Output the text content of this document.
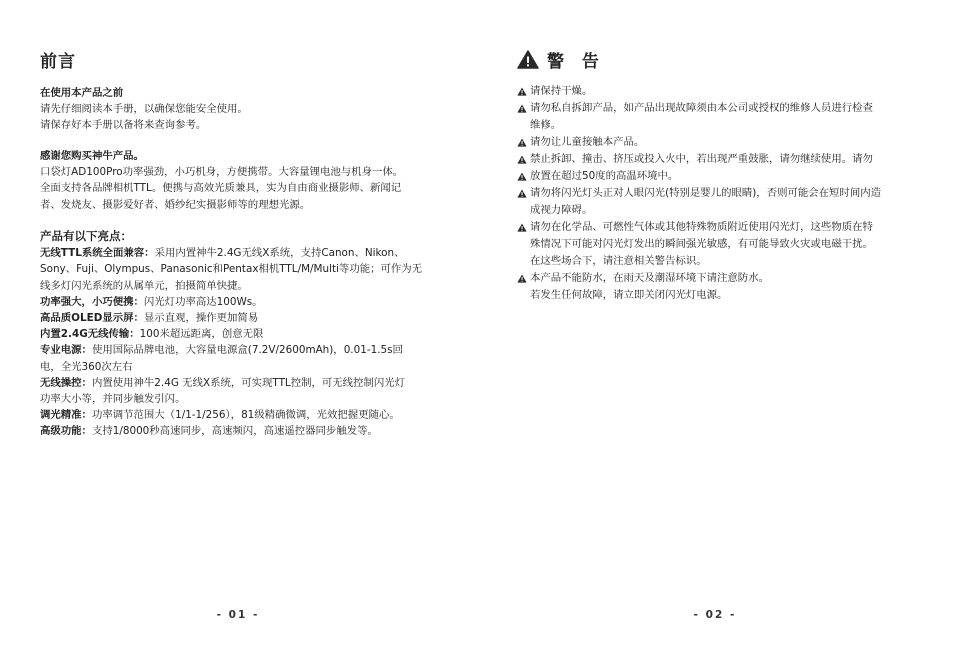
前言
在使用本产品之前
请先仔细阅读本手册，以确保您能安全使用。
请保存好本手册以备将来查询参考。
感谢您购买神牛产品。
口袋灯AD100Pro功率强劲，小巧机身，方便携带。大容量锂电池与机身一体。
全面支持各品牌相机TTL。便携与高效光质兼具，实为自由商业摄影师、新闻记
者、发烧友、摄影爱好者、婚纱纪实摄影师等的理想光源。
产品有以下亮点：
无线TTL系统全面兼容：采用内置神牛2.4G无线X系统，支持Canon、Nikon、
Sony、Fuji、Olympus、Panasonic和Pentax相机TTL/M/Multi等功能；可作为无
线多灯闪光系统的从属单元，拍摄简单快捷。
功率强大，小巧便携：闪光灯功率高达100Ws。
高品质OLED显示屏：显示直观，操作更加简易
内置2.4G无线传输：100米超远距离，创意无限
专业电源：使用国际品牌电池，大容量电源盒(7.2V/2600mAh)，0.01-1.5s回
电，全光360次左右
无线操控：内置使用神牛2.4G 无线X系统，可实现TTL控制，可无线控制闪光灯
功率大小等，并同步触发引闪。
调光精准：功率调节范围大（1/1-1/256），81级精确微调，光效把握更随心。
高级功能：支持1/8000秒高速同步，高速频闪，高速遥控器同步触发等。
- 01 -
警 告
请保持干燥。
请勿私自拆卸产品，如产品出现故障须由本公司或授权的维修人员进行检查
维修。
请勿让儿童接触本产品。
禁止拆卸、撞击、挤压或投入火中，若出现严重鼓胀，请勿继续使用。请勿
放置在超过50度的高温环境中。
请勿将闪光灯头正对人眼闪光(特别是婴儿的眼睛)，否则可能会在短时间内造
成视力障碍。
请勿在化学品、可燃性气体或其他特殊物质附近使用闪光灯，这些物质在特
殊情况下可能对闪光灯发出的瞬间强光敏感，有可能导致火灾或电磁干扰。
在这些场合下，请注意相关警告标识。
本产品不能防水，在雨天及潮湿环境下请注意防水。
若发生任何故障，请立即关闭闪光灯电源。
- 02 -
